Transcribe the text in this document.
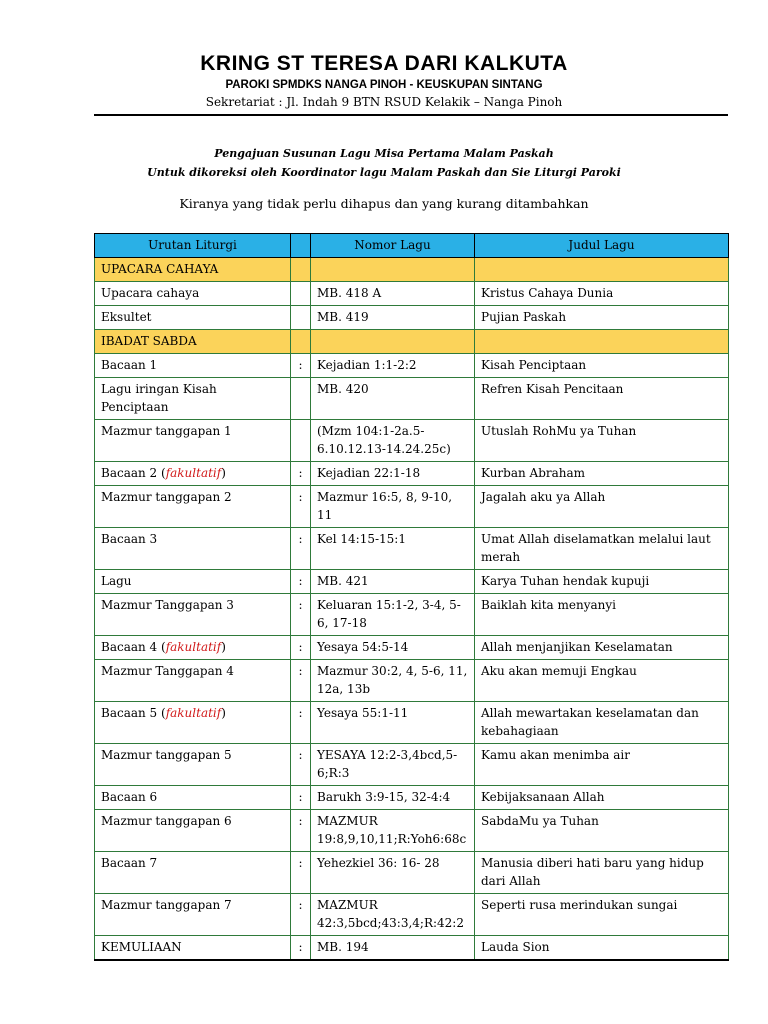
KRING ST TERESA DARI KALKUTA
PAROKI SPMDKS NANGA PINOH - KEUSKUPAN SINTANG
Sekretariat : Jl. Indah 9 BTN RSUD Kelakik – Nanga Pinoh
Pengajuan Susunan Lagu Misa Pertama Malam Paskah
Untuk dikoreksi oleh Koordinator lagu Malam Paskah dan Sie Liturgi Paroki
Kiranya yang tidak perlu dihapus dan yang kurang ditambahkan
Urutan Liturgi		Nomor Lagu	Judul Lagu
UPACARA CAHAYA			
Upacara cahaya		MB. 418 A	Kristus Cahaya Dunia
Eksultet		MB. 419	Pujian Paskah
IBADAT SABDA			
Bacaan 1	:	Kejadian 1:1-2:2	Kisah Penciptaan
Lagu iringan Kisah Penciptaan		MB. 420	Refren Kisah Pencitaan
Mazmur tanggapan 1		(Mzm 104:1-2a.5-6.10.12.13-14.24.25c)	Utuslah RohMu ya Tuhan
Bacaan 2 (fakultatif)	:	Kejadian 22:1-18	Kurban Abraham
Mazmur tanggapan 2	:	Mazmur 16:5, 8, 9-10, 11	Jagalah aku ya Allah
Bacaan 3	:	Kel 14:15-15:1	Umat Allah diselamatkan melalui laut merah
Lagu	:	MB. 421	Karya Tuhan hendak kupuji
Mazmur Tanggapan 3	:	Keluaran 15:1-2, 3-4, 5-6, 17-18	Baiklah kita menyanyi
Bacaan 4 (fakultatif)	:	Yesaya 54:5-14	Allah menjanjikan Keselamatan
Mazmur Tanggapan 4	:	Mazmur 30:2, 4, 5-6, 11, 12a, 13b	Aku akan memuji Engkau
Bacaan 5 (fakultatif)	:	Yesaya 55:1-11	Allah mewartakan keselamatan dan kebahagiaan
Mazmur tanggapan 5	:	YESAYA 12:2-3,4bcd,5-6;R:3	Kamu akan menimba air
Bacaan 6	:	Barukh 3:9-15, 32-4:4	Kebijaksanaan Allah
Mazmur tanggapan 6	:	MAZMUR 19:8,9,10,11;R:Yoh6:68c	SabdaMu ya Tuhan
Bacaan 7	:	Yehezkiel 36: 16- 28	Manusia diberi hati baru yang hidup dari Allah
Mazmur tanggapan 7	:	MAZMUR 42:3,5bcd;43:3,4;R:42:2	Seperti rusa merindukan sungai
KEMULIAAN	:	MB. 194	Lauda Sion
